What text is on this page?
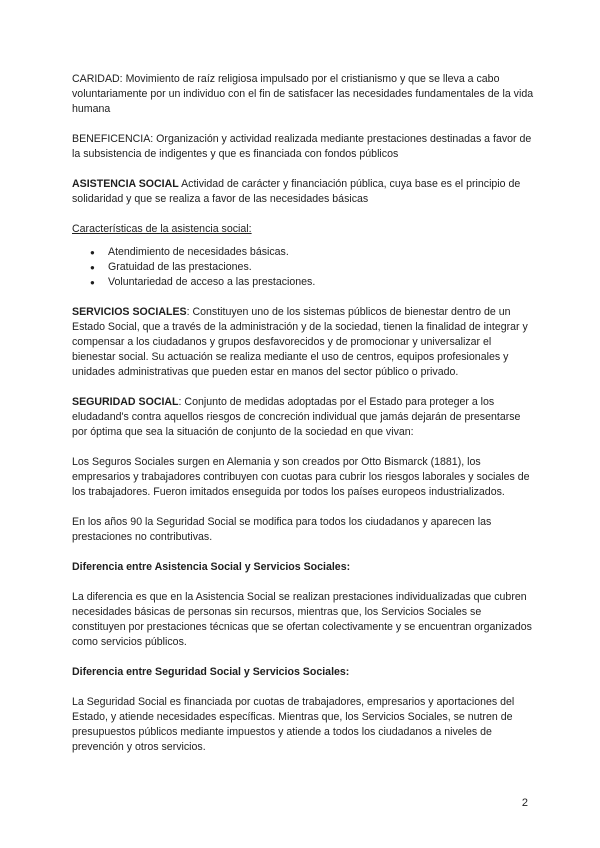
CARIDAD: Movimiento de raíz religiosa impulsado por el cristianismo y que se lleva a cabo voluntariamente por un individuo con el fin de satisfacer las necesidades fundamentales de la vida humana

BENEFICENCIA: Organización y actividad realizada mediante prestaciones destinadas a favor de la subsistencia de indigentes y que es financiada con fondos públicos

ASISTENCIA SOCIAL Actividad de carácter y financiación pública, cuya base es el principio de solidaridad y que se realiza a favor de las necesidades básicas

Características de la asistencia social:

● Atendimiento de necesidades básicas.
● Gratuidad de las prestaciones.
● Voluntariedad de acceso a las prestaciones.

SERVICIOS SOCIALES: Constituyen uno de los sistemas públicos de bienestar dentro de un Estado Social, que a través de la administración y de la sociedad, tienen la finalidad de integrar y compensar a los ciudadanos y grupos desfavorecidos y de promocionar y universalizar el bienestar social. Su actuación se realiza mediante el uso de centros, equipos profesionales y unidades administrativas que pueden estar en manos del sector público o privado.

SEGURIDAD SOCIAL: Conjunto de medidas adoptadas por el Estado para proteger a los eludadand's contra aquellos riesgos de concreción individual que jamás dejarán de presentarse por óptima que sea la situación de conjunto de la sociedad en que vivan:

Los Seguros Sociales surgen en Alemania y son creados por Otto Bismarck (1881), los empresarios y trabajadores contribuyen con cuotas para cubrir los riesgos laborales y sociales de los trabajadores. Fueron imitados enseguida por todos los países europeos industrializados.

En los años 90 la Seguridad Social se modifica para todos los ciudadanos y aparecen las prestaciones no contributivas.

Diferencia entre Asistencia Social y Servicios Sociales:

La diferencia es que en la Asistencia Social se realizan prestaciones individualizadas que cubren necesidades básicas de personas sin recursos, mientras que, los Servicios Sociales se constituyen por prestaciones técnicas que se ofertan colectivamente y se encuentran organizados como servicios públicos.

Diferencia entre Seguridad Social y Servicios Sociales:

La Seguridad Social es financiada por cuotas de trabajadores, empresarios y aportaciones del Estado, y atiende necesidades específicas. Mientras que, los Servicios Sociales, se nutren de presupuestos públicos mediante impuestos y atiende a todos los ciudadanos a niveles de prevención y otros servicios.

2
